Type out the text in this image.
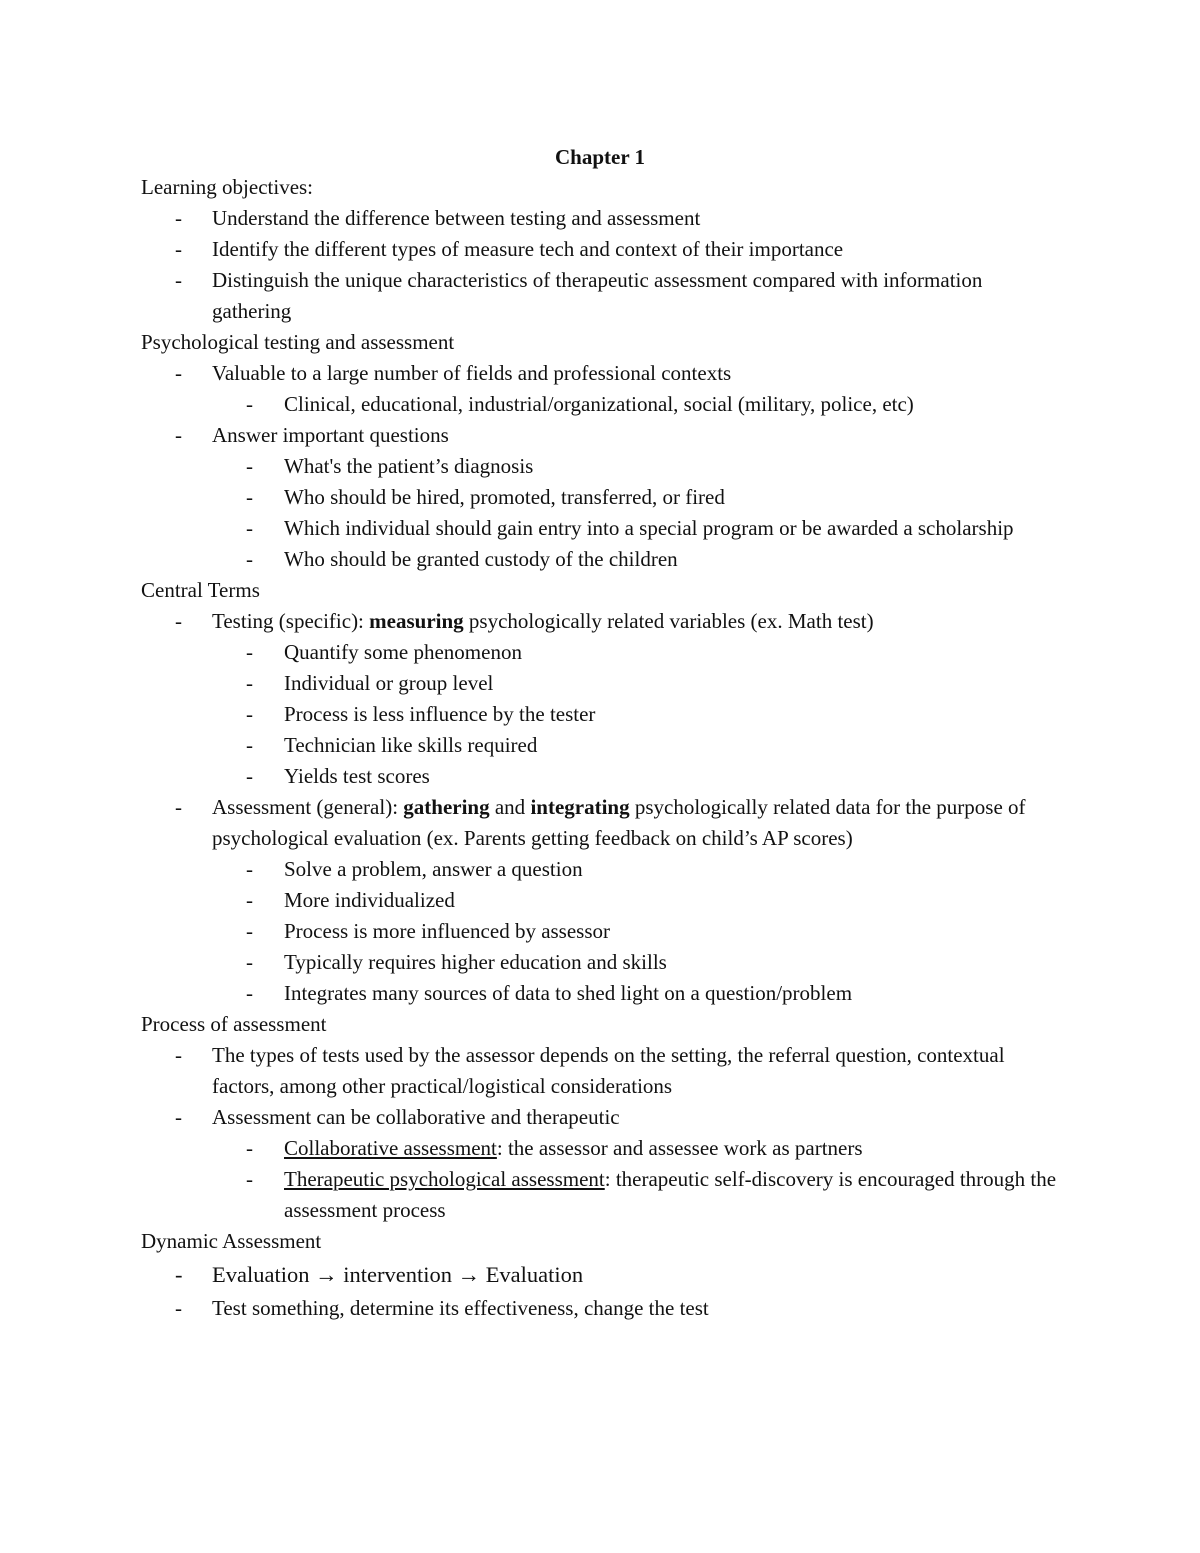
Chapter 1
Learning objectives:
-
Understand the difference between testing and assessment
-
Identify the different types of measure tech and context of their importance
-
Distinguish the unique characteristics of therapeutic assessment compared with information gathering
Psychological testing and assessment
-
Valuable to a large number of fields and professional contexts
-
Clinical, educational, industrial/organizational, social (military, police, etc)
-
Answer important questions
-
What's the patient’s diagnosis
-
Who should be hired, promoted, transferred, or fired
-
Which individual should gain entry into a special program or be awarded a scholarship
-
Who should be granted custody of the children
Central Terms
-
Testing (specific): measuring psychologically related variables (ex. Math test)
-
Quantify some phenomenon
-
Individual or group level
-
Process is less influence by the tester
-
Technician like skills required
-
Yields test scores
-
Assessment (general): gathering and integrating psychologically related data for the purpose of psychological evaluation (ex. Parents getting feedback on child’s AP scores)
-
Solve a problem, answer a question
-
More individualized
-
Process is more influenced by assessor
-
Typically requires higher education and skills
-
Integrates many sources of data to shed light on a question/problem
Process of assessment
-
The types of tests used by the assessor depends on the setting, the referral question, contextual factors, among other practical/logistical considerations
-
Assessment can be collaborative and therapeutic
-
Collaborative assessment: the assessor and assessee work as partners
-
Therapeutic psychological assessment: therapeutic self-discovery is encouraged through the assessment process
Dynamic Assessment
-
Evaluation → intervention → Evaluation
-
Test something, determine its effectiveness, change the test
